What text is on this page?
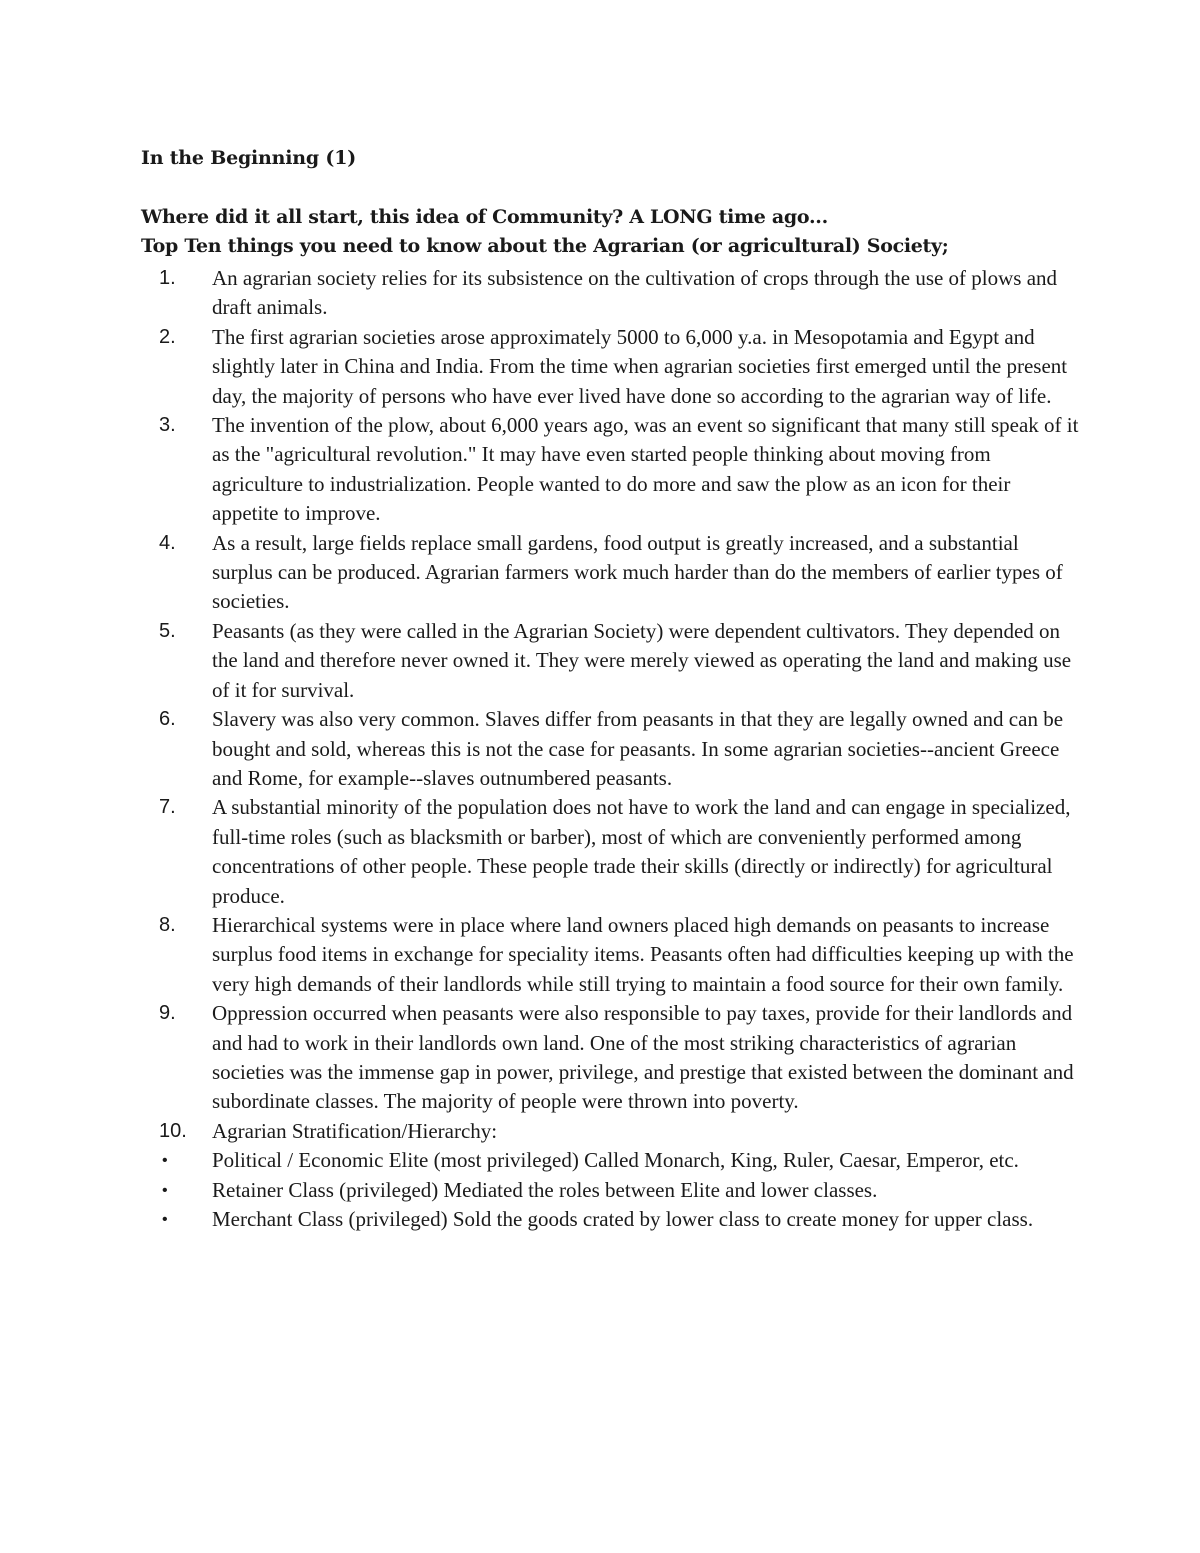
In the Beginning (1)
Where did it all start, this idea of Community? A LONG time ago...
Top Ten things you need to know about the Agrarian (or agricultural) Society;
1.	An agrarian society relies for its subsistence on the cultivation of crops through the use of plows and draft animals.
2.	The first agrarian societies arose approximately 5000 to 6,000 y.a. in Mesopotamia and Egypt and slightly later in China and India. From the time when agrarian societies first emerged until the present day, the majority of persons who have ever lived have done so according to the agrarian way of life.
3.	The invention of the plow, about 6,000 years ago, was an event so significant that many still speak of it as the "agricultural revolution." It may have even started people thinking about moving from agriculture to industrialization. People wanted to do more and saw the plow as an icon for their appetite to improve.
4.	As a result, large fields replace small gardens, food output is greatly increased, and a substantial surplus can be produced. Agrarian farmers work much harder than do the members of earlier types of societies.
5.	Peasants (as they were called in the Agrarian Society) were dependent cultivators. They depended on the land and therefore never owned it. They were merely viewed as operating the land and making use of it for survival.
6.	Slavery was also very common. Slaves differ from peasants in that they are legally owned and can be bought and sold, whereas this is not the case for peasants. In some agrarian societies--ancient Greece and Rome, for example--slaves outnumbered peasants.
7.	A substantial minority of the population does not have to work the land and can engage in specialized, full-time roles (such as blacksmith or barber), most of which are conveniently performed among concentrations of other people. These people trade their skills (directly or indirectly) for agricultural produce.
8.	Hierarchical systems were in place where land owners placed high demands on peasants to increase surplus food items in exchange for speciality items. Peasants often had difficulties keeping up with the very high demands of their landlords while still trying to maintain a food source for their own family.
9.	Oppression occurred when peasants were also responsible to pay taxes, provide for their landlords and and had to work in their landlords own land. One of the most striking characteristics of agrarian societies was the immense gap in power, privilege, and prestige that existed between the dominant and subordinate classes. The majority of people were thrown into poverty.
10.	Agrarian Stratification/Hierarchy:
•	Political / Economic Elite (most privileged) Called Monarch, King, Ruler, Caesar, Emperor, etc.
•	Retainer Class (privileged) Mediated the roles between Elite and lower classes.
•	Merchant Class (privileged) Sold the goods crated by lower class to create money for upper class.
